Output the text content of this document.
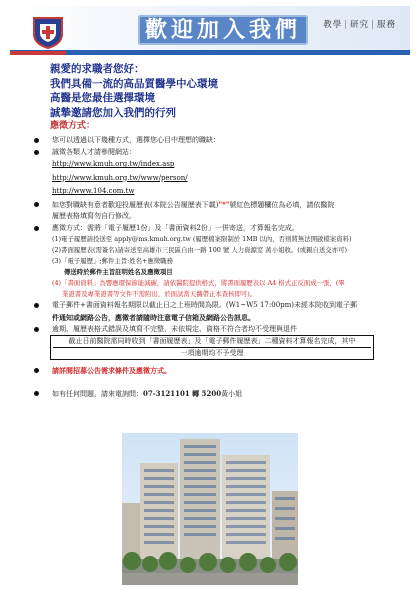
歡迎加入我們	教學 | 研究 | 服務
親愛的求職者您好：
我們具備一流的高品質醫學中心環境
高醫是您最佳選擇環境
誠摯邀請您加入我們的行列
應徵方式：
您可以透過以下幾種方式，選擇您心目中理想的職缺：
誠徵各類人才請參閱網站：
http://www.kmuh.org.tw/index.asp
http://www.kmuh.org.tw/www/person/
http://www.104.com.tw
如您對職缺有意者歡迎投履歷表(本院公告履歷表下載)"*"號紅色標題欄位為必填，請依醫院
履歷表格填寫勿自行修改。
應徵方式：需將「電子履歷1份」及「書面資料2份」一併寄送，才算報名完成。
(1)電子履歷請投送至 apply@ms.kmuh.org.tw (履歷檔案限制於 1MB 以內，否則將無法開啟檔案資料)
(2)書面履歷表(需簽名)請寄送至高雄市三民區自由一路 100 號 人力資源室 黃小姐收。(或親自送交亦可)
(3)「電子履歷」;郵件主旨:姓名+應徵職務
傳送時於郵件主旨註明姓名及應徵項目
(4)「書面資料」為響應環保節能減碳，請依醫院提供格式，將書面履歷表以 A4 格式正反面成一張，(畢
業證書及專業證書等文件不需附出，於面試當天攜帶正本查核即可)。
電子郵件+書面資料報名期限以截止日之上班時間為限。(W1~W5 17:00pm)未經本院收到電子郵
件通知或網路公告，應徵者請隨時注意電子信箱及網路公告訊息。
逾期、履歷表格式錯誤及填寫不完整、未依規定、資格不符合者均不受理與退件
截止日前醫院需同時收到「書面履歷表」及「電子郵件履歷表」二種資料才算報名完成，其中
一項逾期均不予受理
請詳閱招募公告需求條件及應徵方式。
如有任何問題，請來電詢問：07-3121101 轉 5200黃小姐
